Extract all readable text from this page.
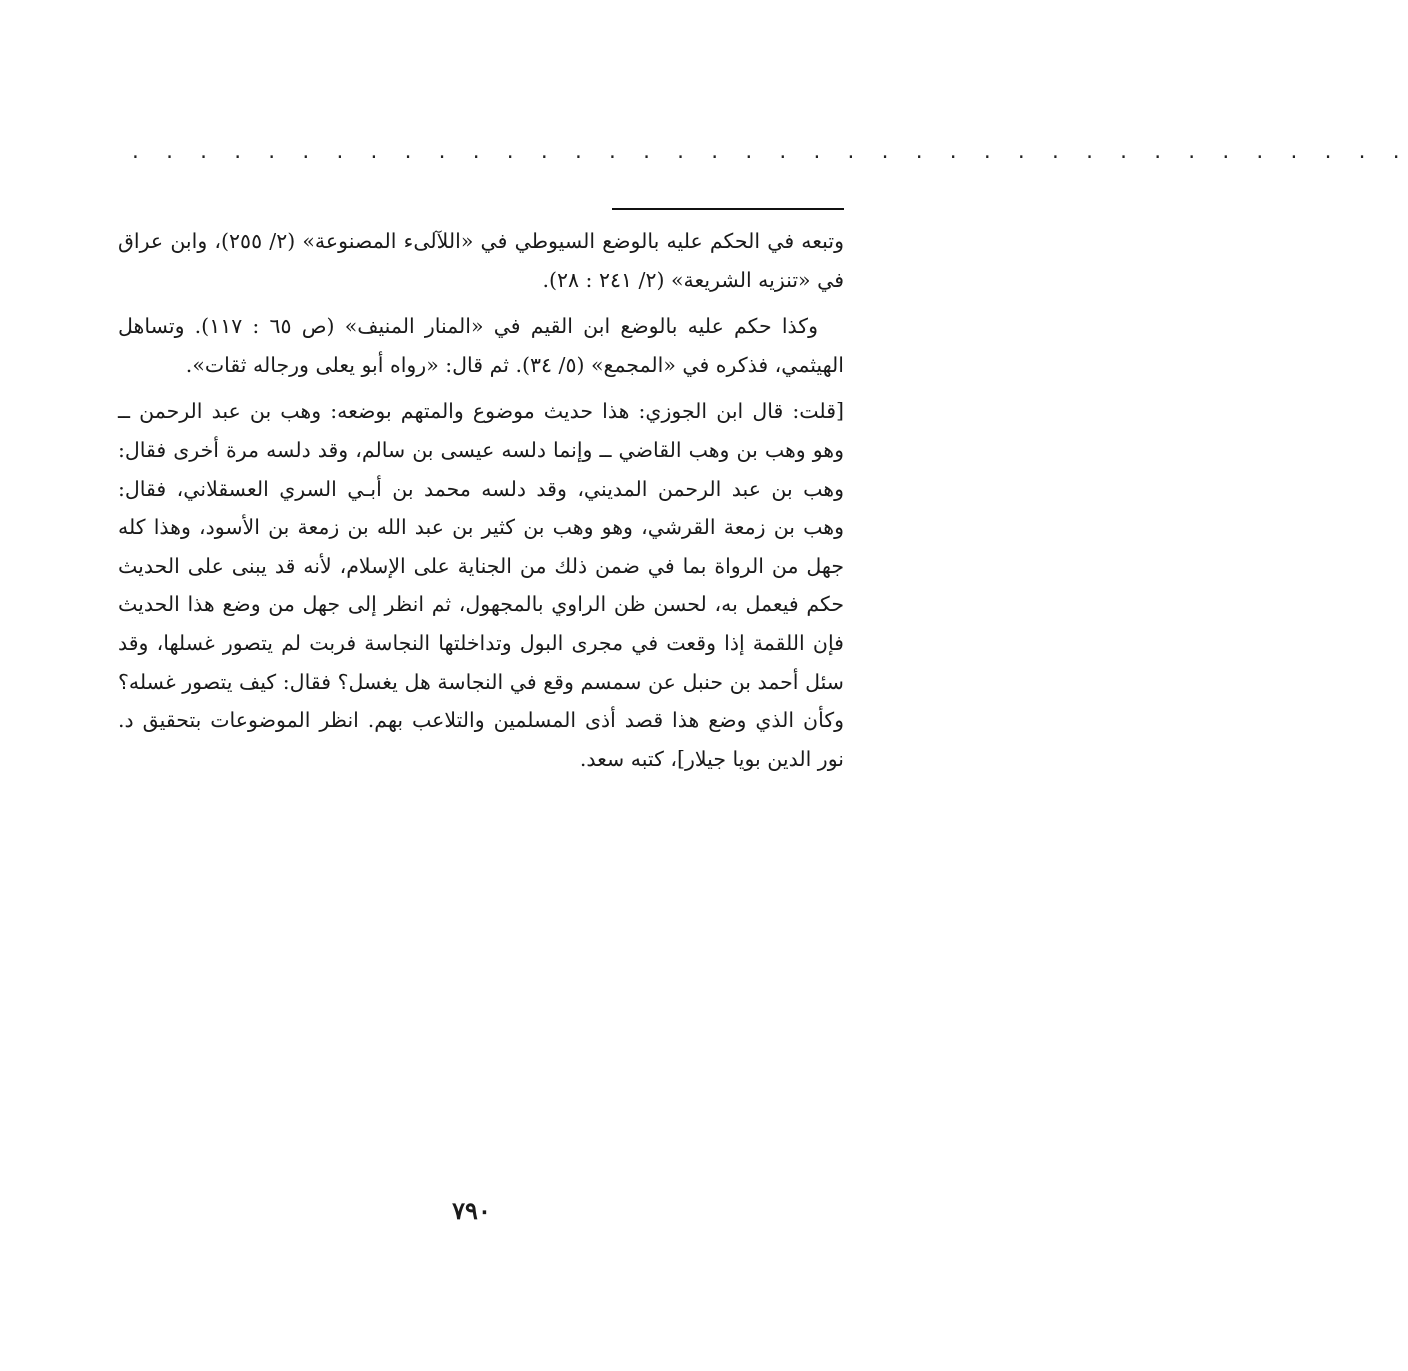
. . . . . . . . . . . . . . . . . . . . . . . . . . . . . . . . . . . . . .

وتبعه في الحكم عليه بالوضع السيوطي في «اللآلىء المصنوعة» (٢/ ٢٥٥)، وابن عراق في «تنزيه الشريعة» (٢/ ٢٤١ : ٢٨).

وكذا حكم عليه بالوضع ابن القيم في «المنار المنيف» (ص ٦٥ : ١١٧). وتساهل الهيثمي، فذكره في «المجمع» (٥/ ٣٤). ثم قال: «رواه أبو يعلى ورجاله ثقات».

[قلت: قال ابن الجوزي: هذا حديث موضوع والمتهم بوضعه: وهب بن عبد الرحمن ــ وهو وهب بن وهب القاضي ــ وإنما دلسه عيسى بن سالم، وقد دلسه مرة أخرى فقال: وهب بن عبد الرحمن المديني، وقد دلسه محمد بن أبـي السري العسقلاني، فقال: وهب بن زمعة القرشي، وهو وهب بن كثير بن عبد الله بن زمعة بن الأسود، وهذا كله جهل من الرواة بما في ضمن ذلك من الجناية على الإسلام، لأنه قد يبنى على الحديث حكم فيعمل به، لحسن ظن الراوي بالمجهول، ثم انظر إلى جهل من وضع هذا الحديث فإن اللقمة إذا وقعت في مجرى البول وتداخلتها النجاسة فربت لم يتصور غسلها، وقد سئل أحمد بن حنبل عن سمسم وقع في النجاسة هل يغسل؟ فقال: كيف يتصور غسله؟ وكأن الذي وضع هذا قصد أذى المسلمين والتلاعب بهم. انظر الموضوعات بتحقيق د. نور الدين بويا جيلار]، كتبه سعد.

٧٩٠
